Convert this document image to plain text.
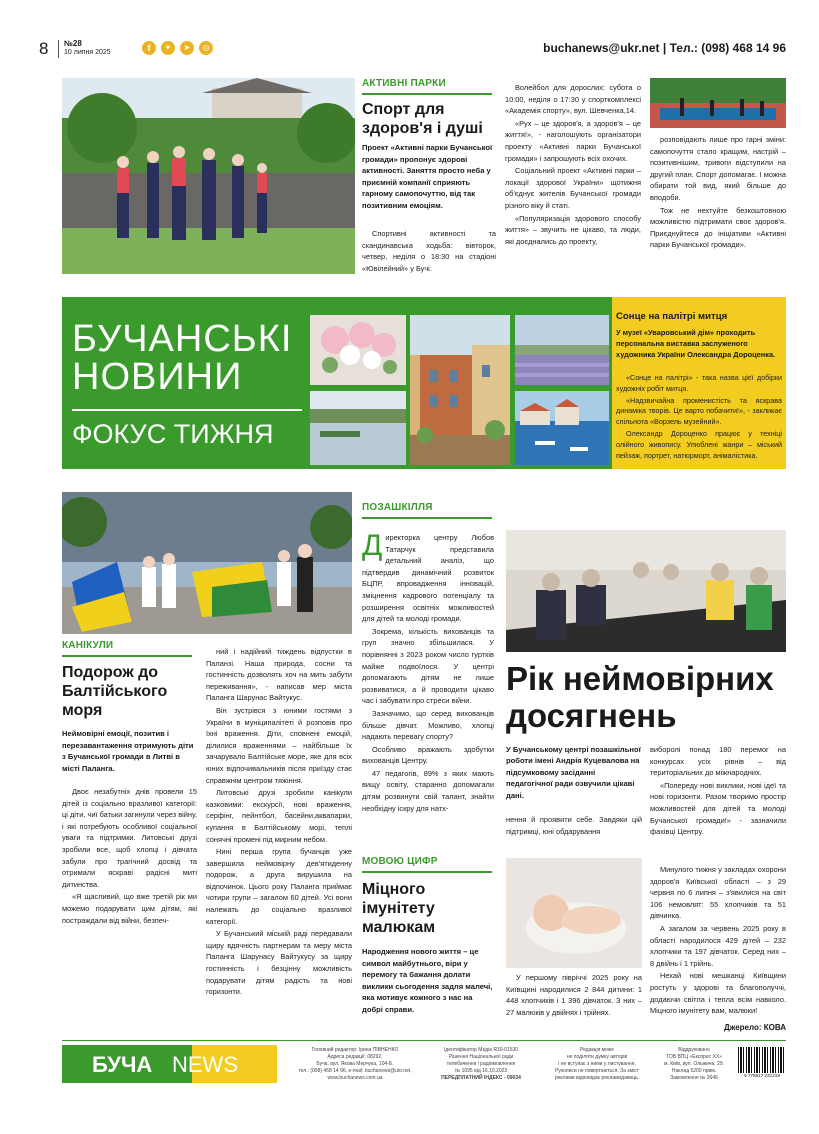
8 №28
10 липня 2025	f	✦	➤	◎	buchanews@ukr.net | Тел.: (098) 468 14 96
АКТИВНІ ПАРКИ
Спорт для здоров'я і душі
Проект «Активні парки Бучанської громади» пропонує здорові активності. Заняття просто неба у приємній компанії сприяють гарному самопочуттю, від так позитивним емоціям.

Спортивні активності та скандинавська ходьба: вівторок, четвер, неділя о 18:30 на стадіоні «Ювілейний» у Бучі.

Волейбол для дорослих: субота о 10:00, неділя о 17:30 у спорткомплексі «Академія спорту», вул. Шевченка,14.

«Рух – це здоров'я, а здоров'я – це життя!», - наголошують організатори проекту «Активні парки Бучанської громади» і запрошують всіх охочих.

Соціальний проект «Активні парки – локації здорової України» щотижня об'єднує жителів Бучанської громади різного віку й статі.

«Популяризація здорового способу життя» – звучить не цікаво, та люди, які доєднались до проекту,

розповідають лише про гарні зміни: самопочуття стало кращим, настрій – позитивнішим, тривоги відступили на другий план. Спорт допомагає. І можна обирати той вид, який більше до вподоби.

Тож не нехтуйте безкоштовною можливістю підтримати своє здоров'я. Приєднуйтеся до ініціативи «Активні парки Бучанської громади».

БУЧАНСЬКІ
НОВИНИ
ФОКУС ТИЖНЯ
Сонце на палітрі митця
У музеї «Уваровський дім» проходить персональна виставка заслуженого художника України Олександра Дороценка.

«Сонце на палітрі» - така назва цієї добірки художніх робіт митця.

«Надзвичайна променистість та яскрава динаміка творів. Це варто побачити!», - закликає спільнота «Ворзель музейний».

Олександр Дороценко працює у техніці олійного живопису. Улюблені жанри – міський пейзаж, портрет, натюрморт, анімалістика.

КАНІКУЛИ
Подорож до Балтійського моря
Неймовірні емоції, позитив і перезавантаження отримують діти з Бучанської громади в Литві в місті Паланга.

Двоє незабутніх днів провели 15 дітей із соціально вразливої категорії: ці діти, чиї батьки загинули через війну, і які потребують особливої соціальної уваги та підтримки. Литовські друзі зробили все, щоб хлопці і дівчата забули про трагічний досвід та отримали яскраві радісні миті дитинства.

«Я щасливий, що вже третій рік ми можемо подарувати цим дітям, які постраждали від війни, безпеч-

ний і надійний тиждень відпустки в Паланзі. Наша природа, сосни та гостинність дозволять хоч на мить забути переживання», - написав мер міста Паланга Шарунас Вайтукус.

Він зустрівся з юними гостями з України в муніципалітеті й розповів про їхні враження. Діти, сповнені емоцій, ділилися враженнями – найбільше їх зачарувало Балтійське море, яке для всіх юних відпочивальників після приїзду стає справжнім центром тяжіння.

Литовські друзі зробили канікули казковими: екскурсії, нові враження, серфінг, пейнтбол, басейни,аквапарки, купання в Балтійському морі, теплі сонячні промені під мирним небом.

Нині перша група бучанців уже завершила неймовірну дев'ятиденну подорож, а друга вирушила на відпочинок. Цього року Паланга приймає чотири групи – загалом 60 дітей. Усі вони належать до соціально вразливої категорії.

У Бучанський міській раді передавали щиру вдячність партнерам та меру міста Паланга Шарунасу Вайтукусу за щиру гостинність і безцінну можливість подарувати дітям радість та нові горизонти.

ПОЗАШКІЛЛЯ

Директорка центру Любов Татарчук представила детальний аналіз, що підтвердив динамічний розвиток БЦПР, впровадження інновацій, зміцнення кадрового потенціалу та розширення освітніх можливостей для дітей та молоді громади.

Зокрема, кількість вихованців та груп значно збільшилася. У порівнянні з 2023 роком число гуртків майже подвоїлося. У центрі допомагають дітям не лише розвиватися, а й проводити цікаво час і забувати про стреси війни.

Зазначимо, що серед вихованців більше дівчат. Можливо, хлопці надають перевагу спорту?

Особливо вражають здобутки вихованців Центру.

47 педагогів, 89% з яких мають вищу освіту, старанно допомагали дітям розвинути свій талант, знайти необхідну іскру для натх-

Рік неймовірних досягнень
У Бучанському центрі позашкільної роботи імені Андрія Куцевалова на підсумковому засіданні педагогічної ради озвучили цікаві дані.

нення й проявити себе. Завдяки цій підтримці, юні обдарування

виборолі понад 180 перемог на конкурсах усіх рівнів – від територіальних до міжнародних.

«Попереду нові виклики, нові ідеї та нові горизонти. Разом творимо простір можливостей для дітей та молоді Бучанської громади!» - зазначили фахівці Центру.

МОВОЮ ЦИФР
Міцного імунітету малюкам
Народження нового життя – це символ майбутнього, віри у перемогу та бажання долати виклики сьогодення задля малечі, яка мотивує кожного з нас на добрі справи.

У першому півріччі 2025 року на Київщині народилися 2 844 дитини: 1 448 хлопчиків і 1 396 дівчаток. З них – 27 малюків у двійнях і трійнях.

Минулого тижня у закладах охорони здоров'я Київської області – з 29 червня по 6 липня – з'явилися на світ 106 немовлят: 55 хлопчиків та 51 дівчинка.

А загалом за червень 2025 року в області народилося 429 дітей – 232 хлопчики та 197 дівчаток. Серед них – 8 двійнь і 1 трійнь.

Нехай нові мешканці Київщини ростуть у здорові та благополуччі, додаючи світла і тепла всім навколо. Міцного імунітету вам, малюки!

Джерело: КОВА
БУЧА NEWS
Головний редактор: Ірина ПІВНЕНКО
Адреса редакції: 08292,
Буча, вул. Якова Мерчука, 104-Б,
тел.: (098) 468 14 96, e-mail: buchanews@ukr.net,
www.buchanews.com.ua
Ідентифікатор Медіа R30-01530
Рішення Національної ради
телебачення і радіомовлення
№ 1095 від 16.10.2023
ПЕРЕДПЛАТНИЙ ІНДЕКС - 09034
Редакція може
не поділяти думку авторів
і не вступає з ними у листування.
Рукописи не повертаються. За зміст
реклами відповідає рекламодавець.
Віддруковано
ТОВ ВПЦ «Експрес ХХ»
м. Київ, вул. Ольжича, 29.
Наклад 5200 прим.
Замовлення № 2646	9 778617 231218
